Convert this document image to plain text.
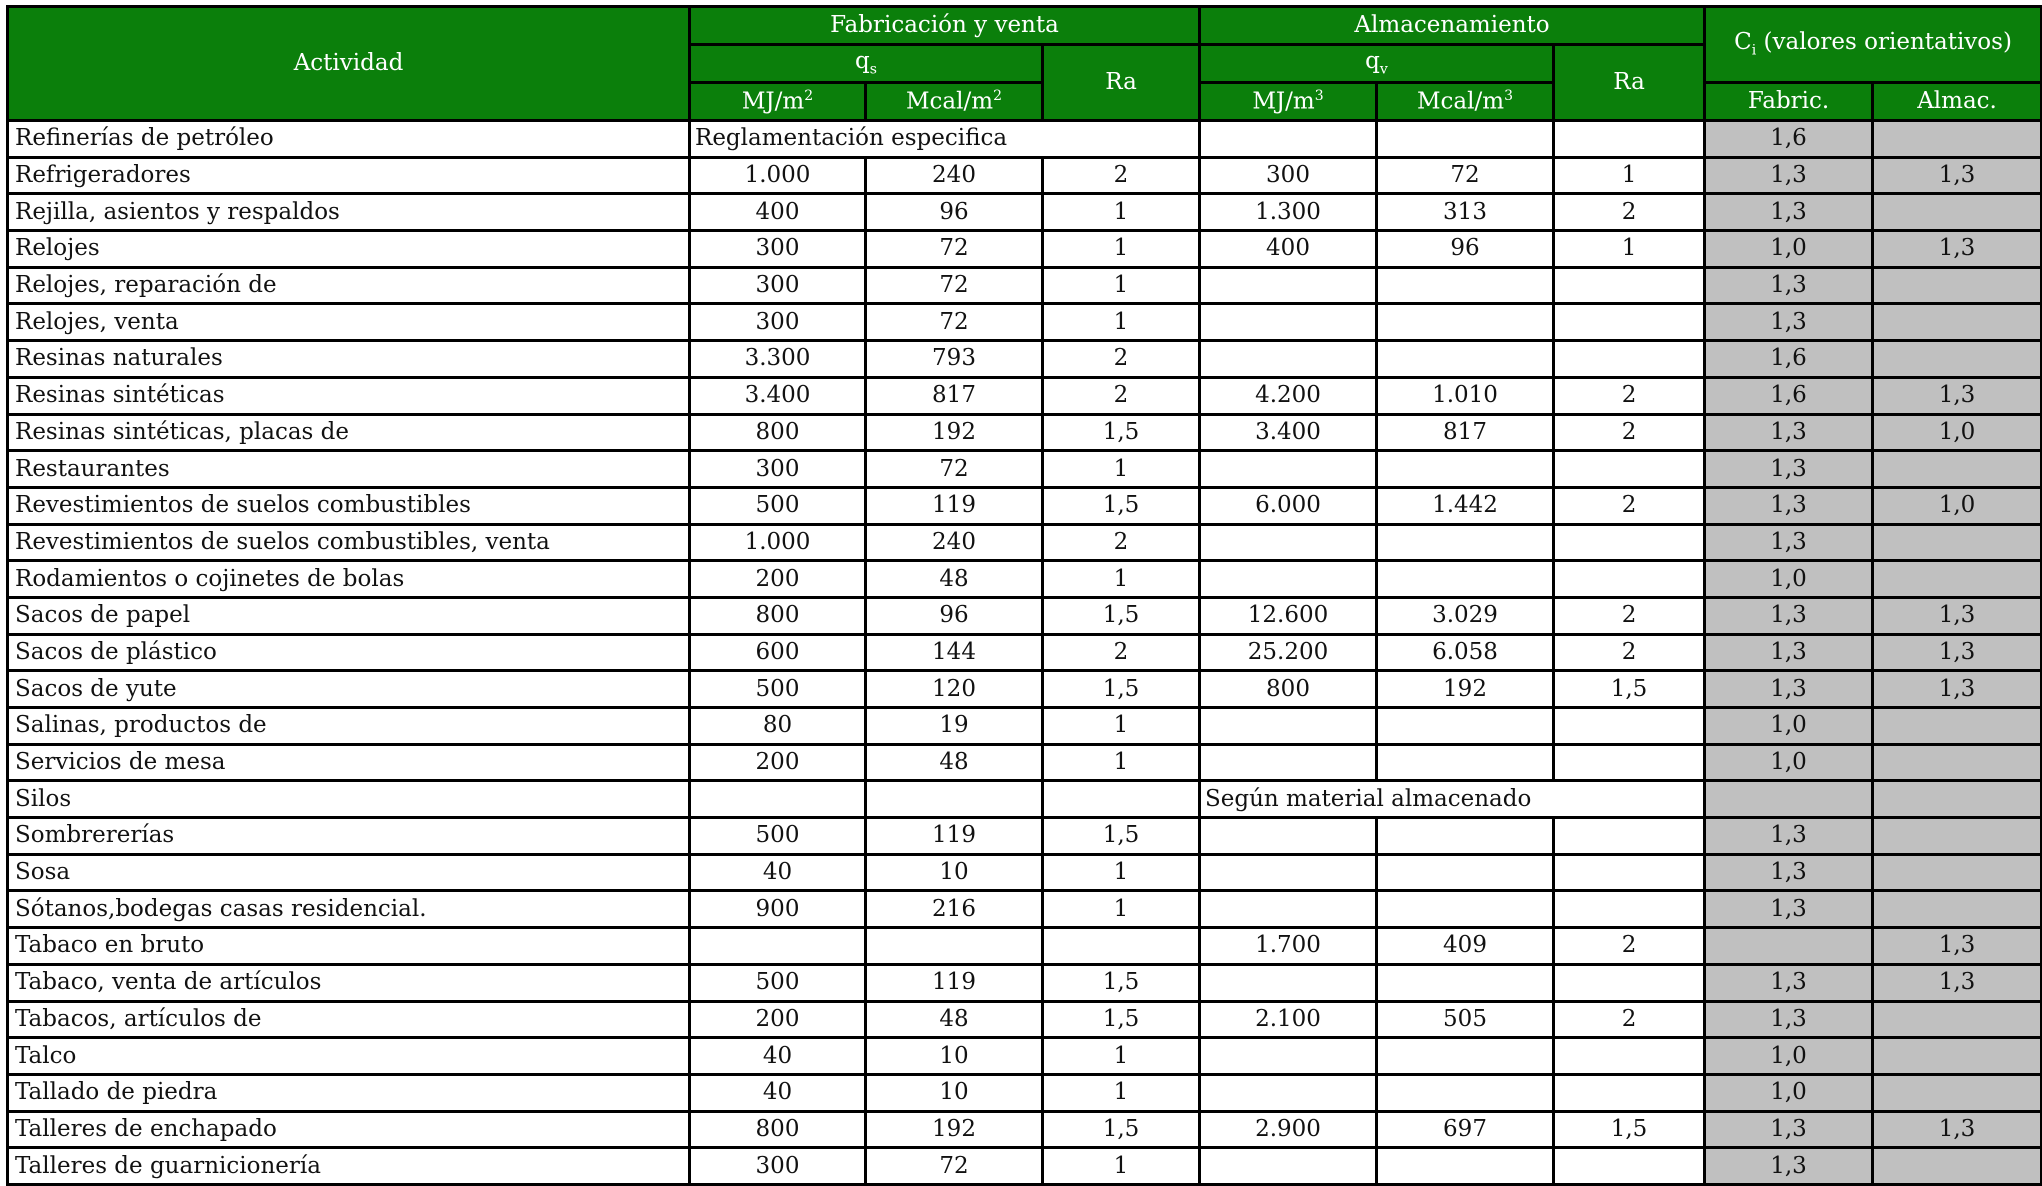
Actividad	Fabricación y venta			Almacenamiento			$C_i$ (valores orientativos)	
	$q_s$		Ra	$q_v$		Ra		
	$MJ/m^2$	Mcal/$m^2$		$MJ/m^3$	Mcal/$m^3$		Fabric.	Almac.
Refinerías de petróleo	Reglamentación especifica						1,6	
Refrigeradores	1.000	240	2	300	72	1	1,3	1,3
Rejilla, asientos y respaldos	400	96	1	1.300	313	2	1,3	
Relojes	300	72	1	400	96	1	1,0	1,3
Relojes, reparación de	300	72	1				1,3	
Relojes, venta	300	72	1				1,3	
Resinas naturales	3.300	793	2				1,6	
Resinas sintéticas	3.400	817	2	4.200	1.010	2	1,6	1,3
Resinas sintéticas, placas de	800	192	1,5	3.400	817	2	1,3	1,0
Restaurantes	300	72	1				1,3	
Revestimientos de suelos combustibles	500	119	1,5	6.000	1.442	2	1,3	1,0
Revestimientos de suelos combustibles, venta	1.000	240	2				1,3	
Rodamientos o cojinetes de bolas	200	48	1				1,0	
Sacos de papel	800	96	1,5	12.600	3.029	2	1,3	1,3
Sacos de plástico	600	144	2	25.200	6.058	2	1,3	1,3
Sacos de yute	500	120	1,5	800	192	1,5	1,3	1,3
Salinas, productos de	80	19	1				1,0	
Servicios de mesa	200	48	1				1,0	
Silos				Según material almacenado				
Sombrererías	500	119	1,5				1,3	
Sosa	40	10	1				1,3	
Sótanos,bodegas casas residencial.	900	216	1				1,3	
Tabaco en bruto				1.700	409	2		1,3
Tabaco, venta de artículos	500	119	1,5				1,3	1,3
Tabacos, artículos de	200	48	1,5	2.100	505	2	1,3	
Talco	40	10	1				1,0	
Tallado de piedra	40	10	1				1,0	
Talleres de enchapado	800	192	1,5	2.900	697	1,5	1,3	1,3
Talleres de guarnicionería	300	72	1				1,3	
